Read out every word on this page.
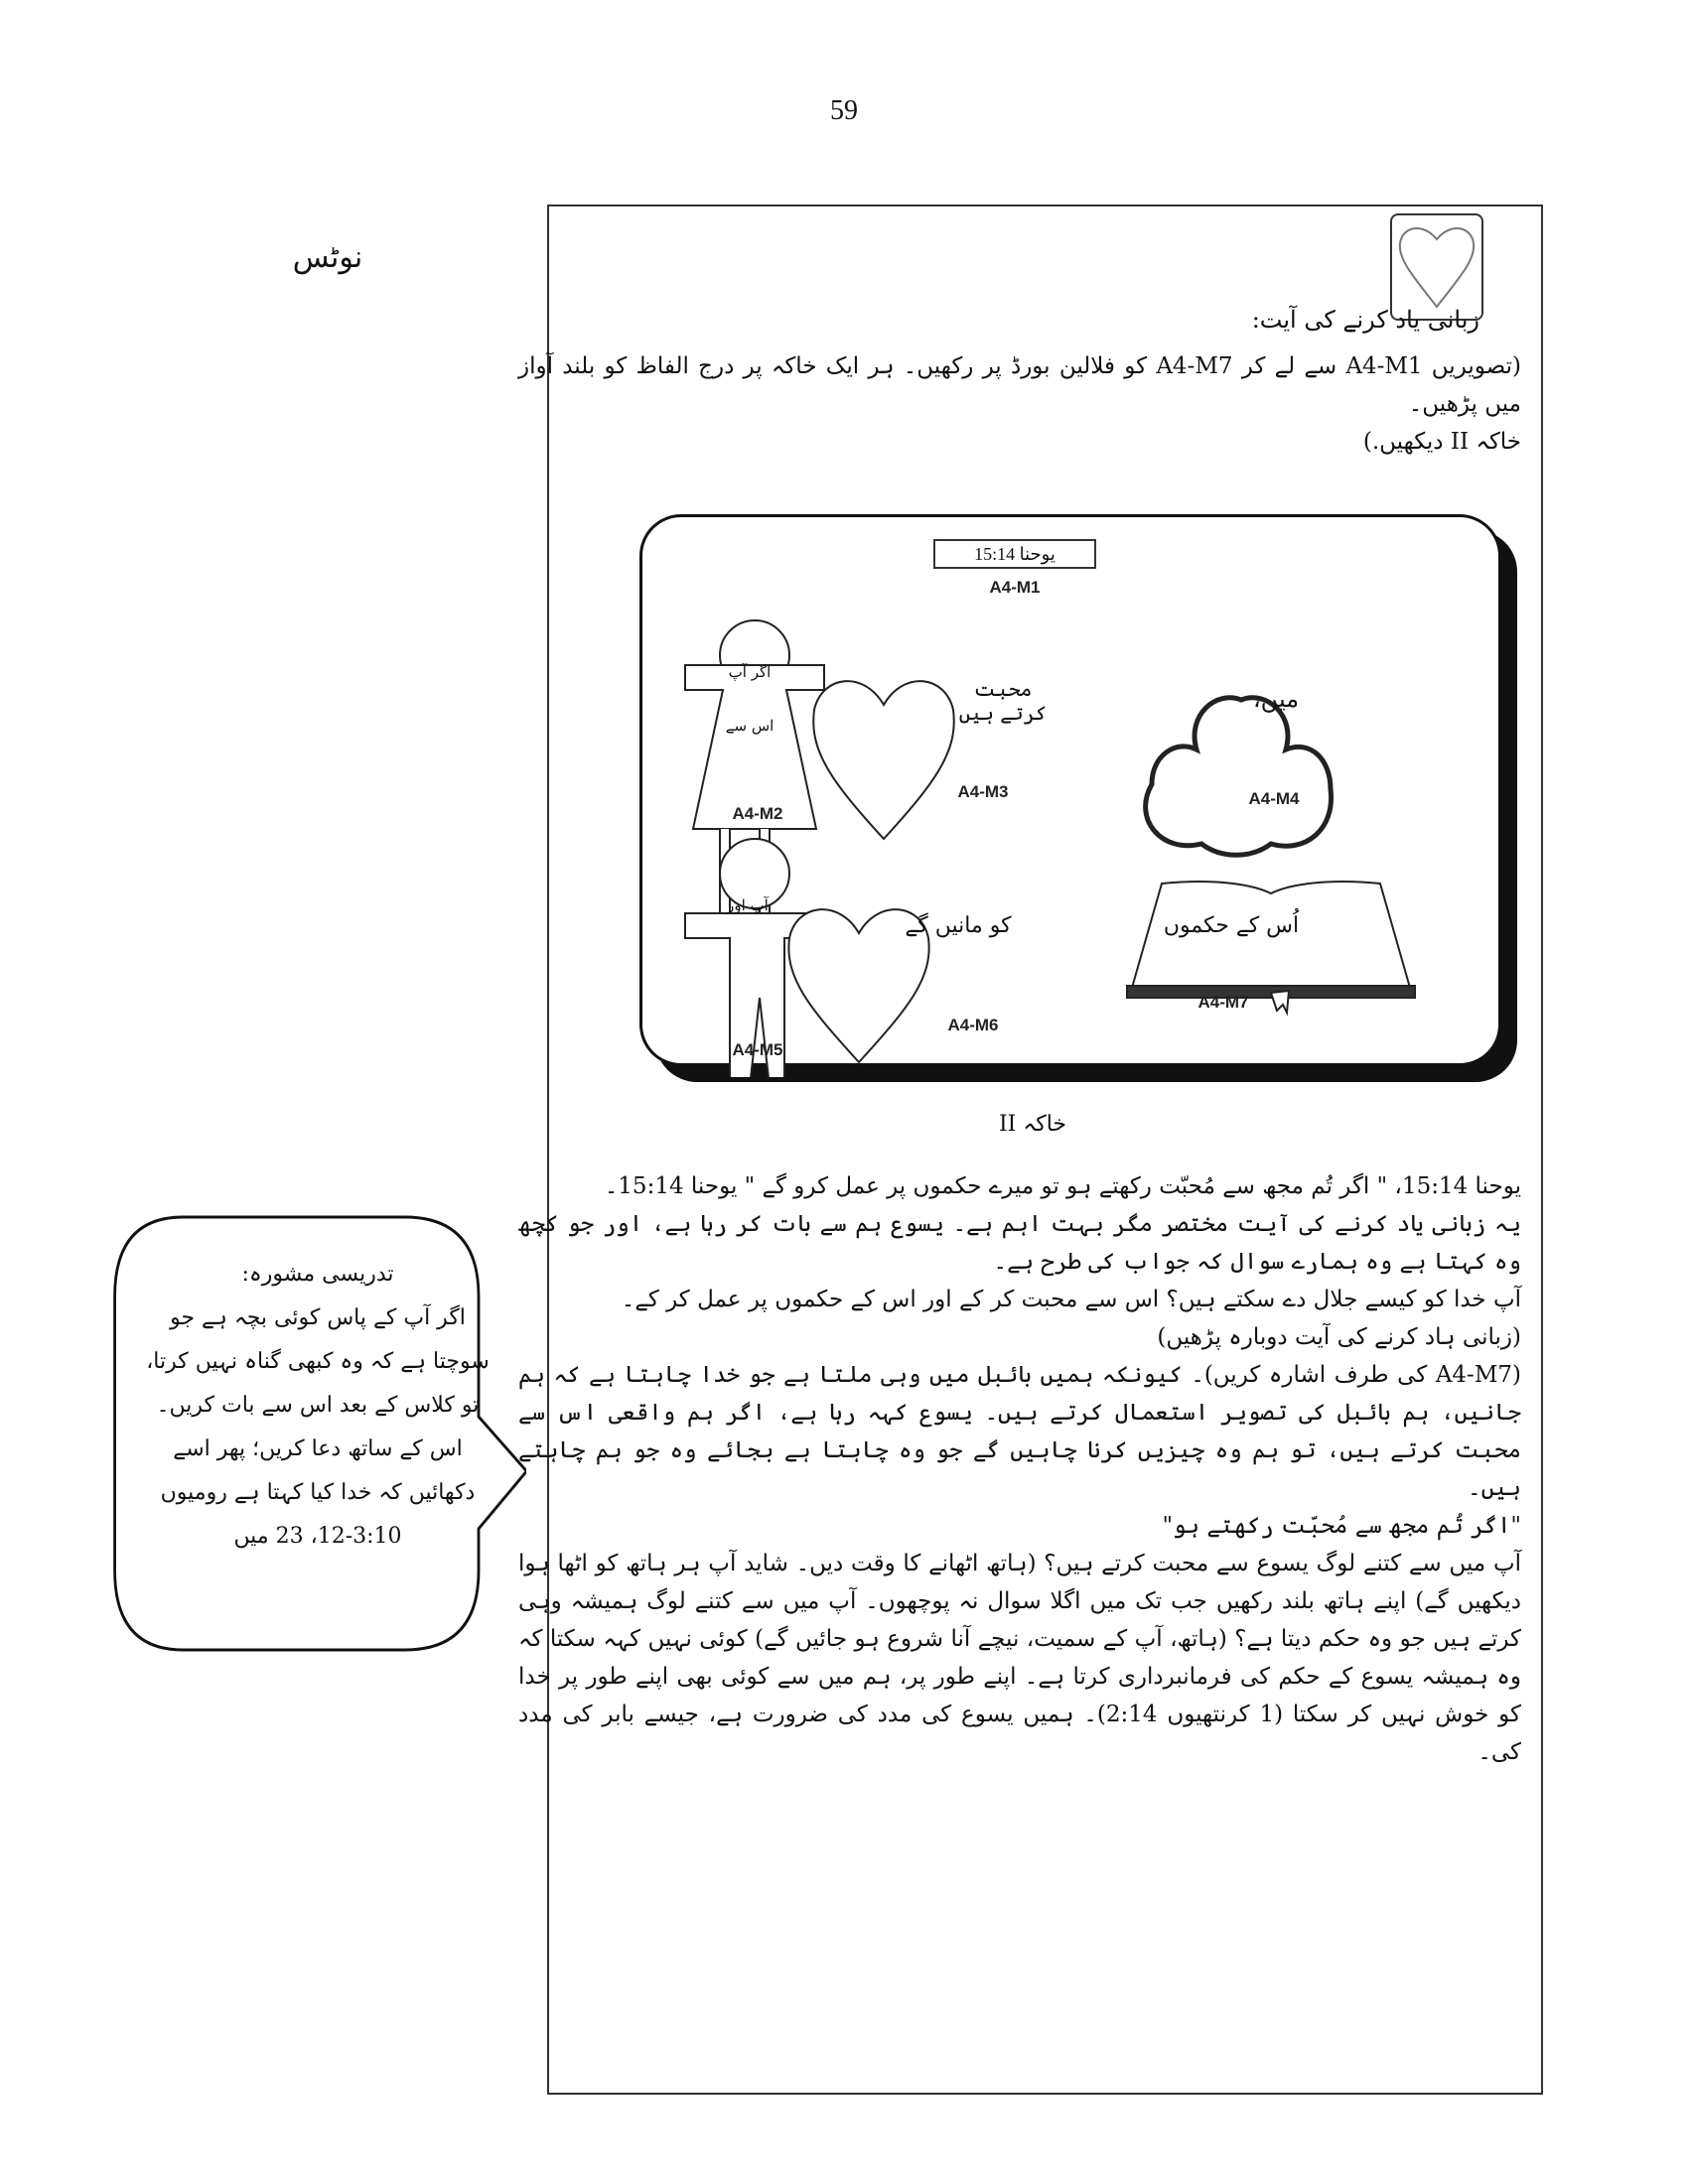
59
نوٹس
تدریسی مشورہ:
اگر آپ کے پاس کوئی بچہ ہے جو سوچتا ہے کہ وہ کبھی گناہ نہیں کرتا، تو کلاس کے بعد اس سے بات کریں۔ اس کے ساتھ دعا کریں؛ پھر اسے دکھائیں کہ خدا کیا کہتا ہے رومیوں 3:10-12، 23 میں
زبانی یاد کرنے کی آیت:
(تصویریں A4-M1 سے لے کر A4-M7 کو فلالین بورڈ پر رکھیں۔ ہر ایک خاکہ پر درج الفاظ کو بلند آواز میں پڑھیں۔
خاکہ II دیکھیں.)
یوحنا 15:14
A4-M1
اگر آپ
اس سے
محبت کرتے ہیں	میں،
آپ اور
کو مانیں گے	اُس کے حکموں
A4-M2
A4-M3	A4-M4
A4-M5
A4-M6
A4-M7
خاکہ II
یوحنا 15:14، " اگر تُم مجھ سے مُحبّت رکھتے ہو تو میرے حکموں پر عمل کرو گے " یوحنا 15:14۔
یہ زبانی یاد کرنے کی آیت مختصر مگر بہت اہم ہے۔ یسوع ہم سے بات کر رہا ہے، اور جو کچھ وہ کہتا ہے وہ ہمارے سوال کہ جواب کی طرح ہے۔
آپ خدا کو کیسے جلال دے سکتے ہیں؟ اس سے محبت کر کے اور اس کے حکموں پر عمل کر کے۔
(زبانی ہاد کرنے کی آیت دوبارہ پڑھیں)
(A4-M7 کی طرف اشارہ کریں)۔ کیونکہ ہمیں بائبل میں وہی ملتا ہے جو خدا چاہتا ہے کہ ہم جانیں، ہم بائبل کی تصویر استعمال کرتے ہیں۔ یسوع کہہ رہا ہے، اگر ہم واقعی اس سے محبت کرتے ہیں، تو ہم وہ چیزیں کرنا چاہیں گے جو وہ چاہتا ہے بجائے وہ جو ہم چاہتے ہیں۔
"اگر تُم مجھ سے مُحبّت رکھتے ہو"
آپ میں سے کتنے لوگ یسوع سے محبت کرتے ہیں؟ (ہاتھ اٹھانے کا وقت دیں۔ شاید آپ ہر ہاتھ کو اٹھا ہوا دیکھیں گے) اپنے ہاتھ بلند رکھیں جب تک میں اگلا سوال نہ پوچھوں۔ آپ میں سے کتنے لوگ ہمیشہ وہی کرتے ہیں جو وہ حکم دیتا ہے؟ (ہاتھ، آپ کے سمیت، نیچے آنا شروع ہو جائیں گے) کوئی نہیں کہہ سکتا کہ وہ ہمیشہ یسوع کے حکم کی فرمانبرداری کرتا ہے۔ اپنے طور پر، ہم میں سے کوئی بھی اپنے طور پر خدا کو خوش نہیں کر سکتا (1 کرنتھیوں 2:14)۔ ہمیں یسوع کی مدد کی ضرورت ہے، جیسے بابر کی مدد کی۔
